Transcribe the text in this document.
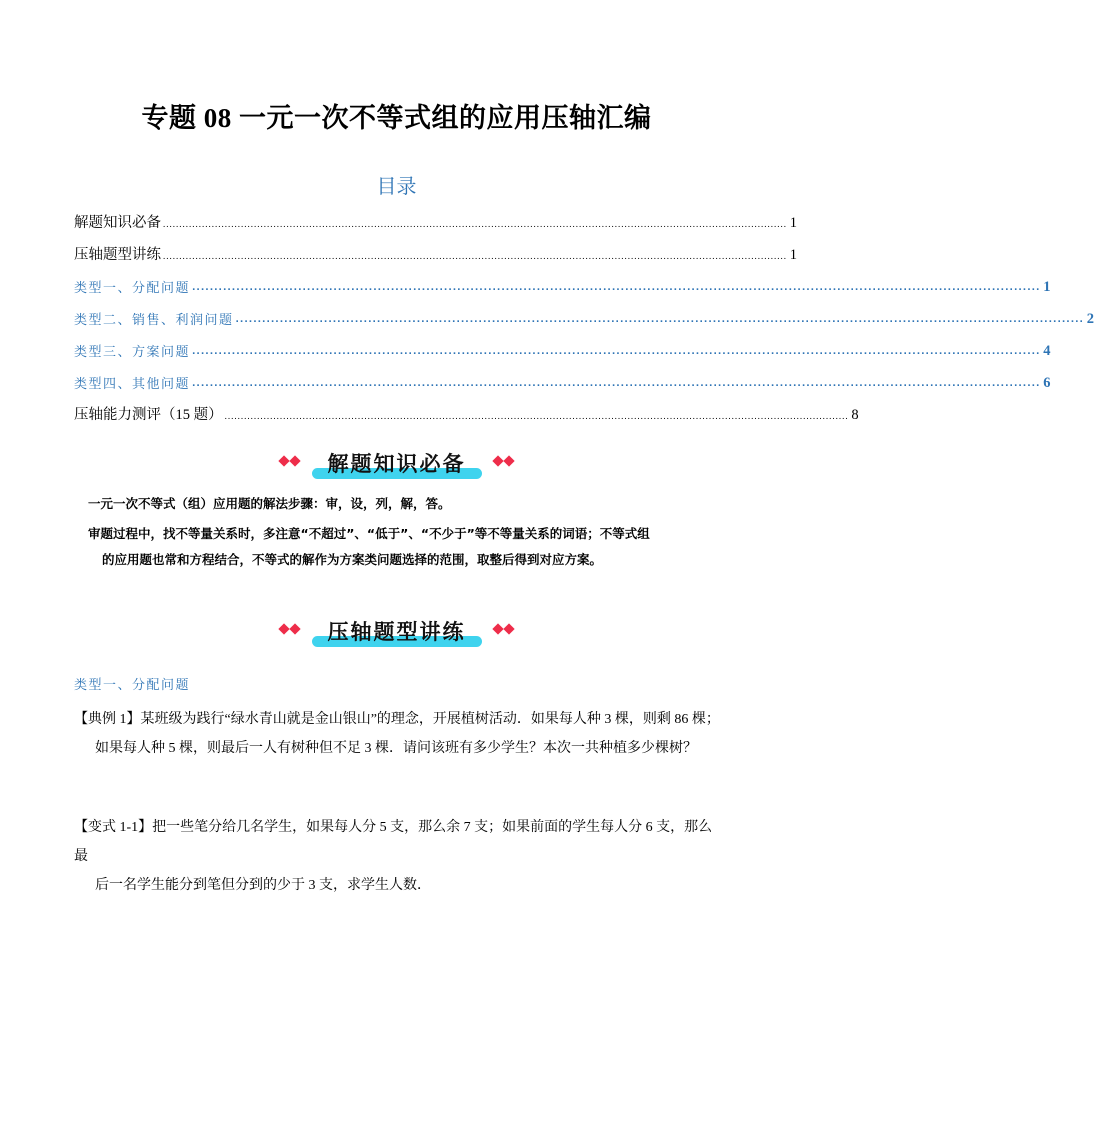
专题 08 一元一次不等式组的应用压轴汇编
目录
解题知识必备 ................................................................................................................................................................................................ 1
压轴题型讲练 ................................................................................................................................................................................................ 1
类型一、分配问题 ................................................................................................................................................................................................ 1
类型二、销售、利润问题 ................................................................................................................................................................................................ 2
类型三、方案问题 ................................................................................................................................................................................................ 4
类型四、其他问题 ................................................................................................................................................................................................ 6
压轴能力测评（15 题） ................................................................................................................................................................................................ 8
解题知识必备
一元一次不等式（组）应用题的解法步骤：审，设，列，解，答。
审题过程中，找不等量关系时，多注意“不超过”、“低于”、“不少于”等不等量关系的词语；不等式组
的应用题也常和方程结合，不等式的解作为方案类问题选择的范围，取整后得到对应方案。
压轴题型讲练
类型一、分配问题
【典例 1】某班级为践行“绿水青山就是金山银山”的理念，开展植树活动．如果每人种 3 棵，则剩 86 棵；
如果每人种 5 棵，则最后一人有树种但不足 3 棵．请问该班有多少学生？本次一共种植多少棵树？
【变式 1-1】把一些笔分给几名学生，如果每人分 5 支，那么余 7 支；如果前面的学生每人分 6 支，那么最
后一名学生能分到笔但分到的少于 3 支，求学生人数．
